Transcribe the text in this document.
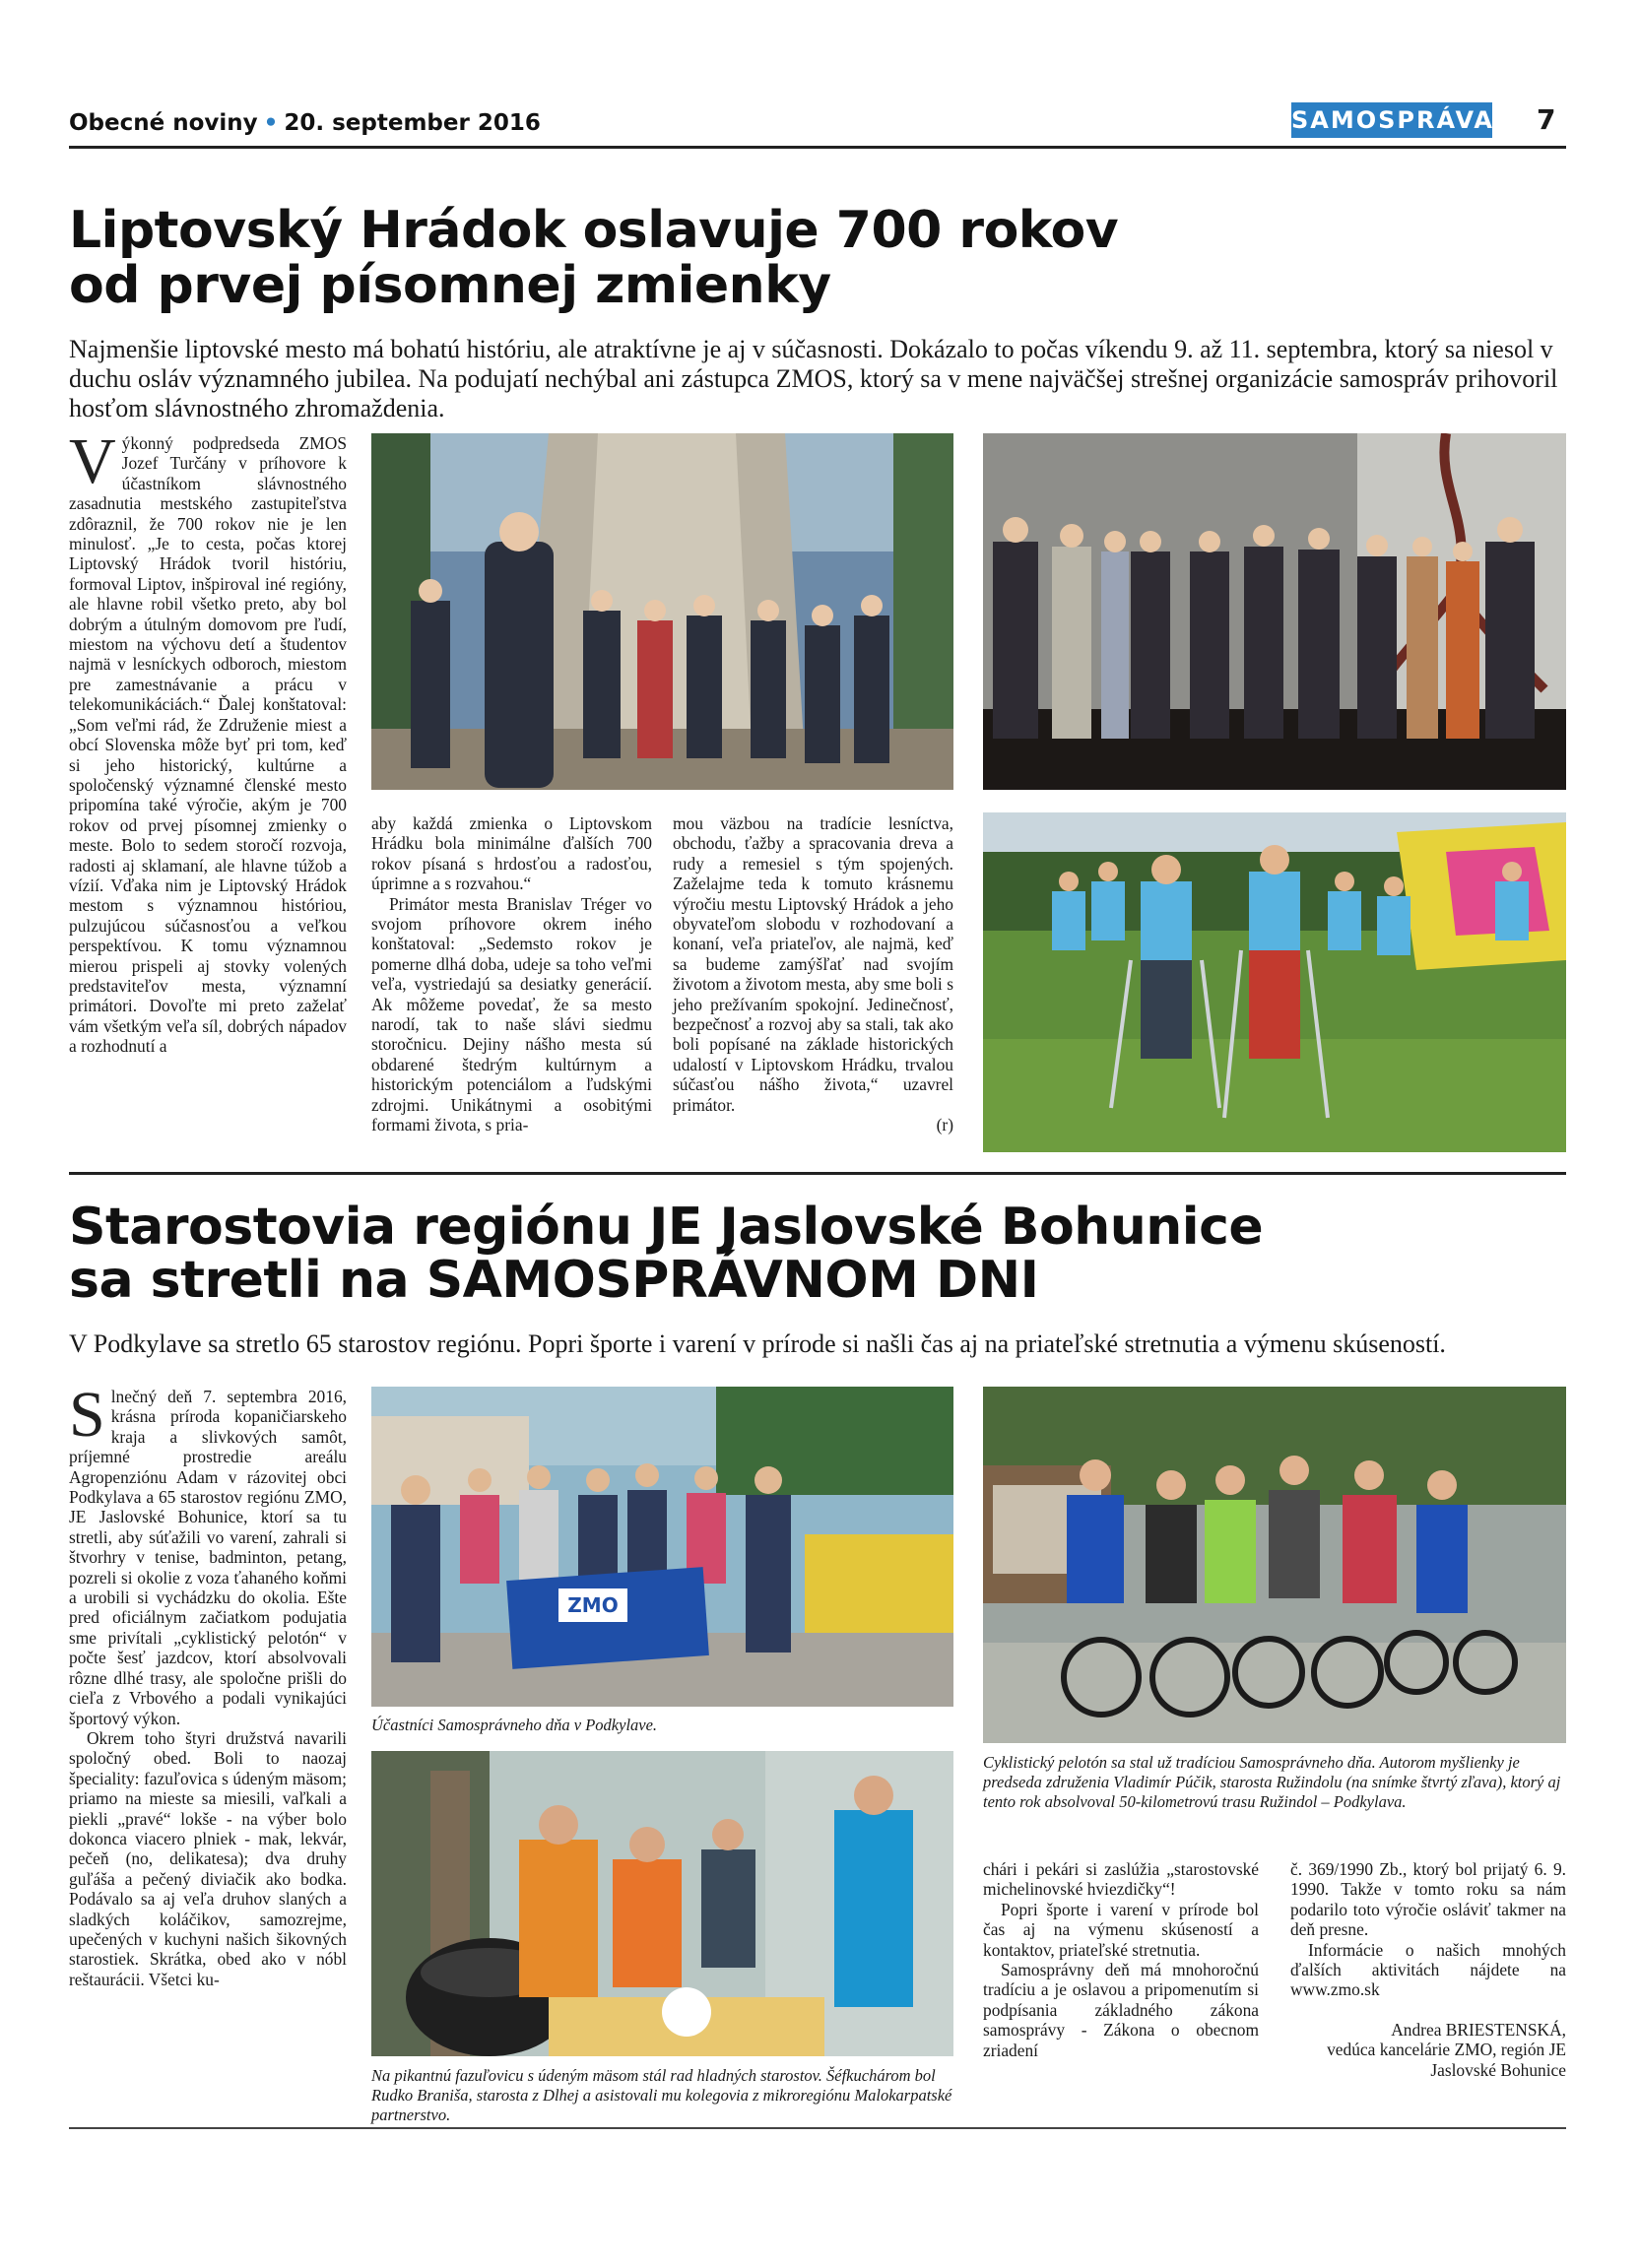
Obecné noviny • 20. september 2016	SAMOSPRÁVA 7
Liptovský Hrádok oslavuje 700 rokov
od prvej písomnej zmienky
Najmenšie liptovské mesto má bohatú históriu, ale atraktívne je aj v súčasnosti. Dokázalo to počas víkendu 9. až 11. septembra, ktorý sa niesol v duchu osláv významného jubilea. Na podujatí nechýbal ani zástupca ZMOS, ktorý sa v mene najväčšej strešnej organizácie samospráv prihovoril hosťom slávnostného zhromaždenia.

Výkonný podpredseda ZMOS Jozef Turčány v príhovore k účastníkom slávnostného zasadnutia mestského zastupiteľstva zdôraznil, že 700 rokov nie je len minulosť. „Je to cesta, počas ktorej Liptovský Hrádok tvoril históriu, formoval Liptov, inšpiroval iné regióny, ale hlavne robil všetko preto, aby bol dobrým a útulným domovom pre ľudí, miestom na výchovu detí a študentov najmä v lesníckych odboroch, miestom pre zamestnávanie a prácu v telekomunikáciách.“ Ďalej konštatoval: „Som veľmi rád, že Združenie miest a obcí Slovenska môže byť pri tom, keď si jeho historický, kultúrne a spoločenský významné členské mesto pripomína také výročie, akým je 700 rokov od prvej písomnej zmienky o meste. Bolo to sedem storočí rozvoja, radosti aj sklamaní, ale hlavne túžob a vízií. Vďaka nim je Liptovský Hrádok mestom s významnou históriou, pulzujúcou súčasnosťou a veľkou perspektívou. K tomu významnou mierou prispeli aj stovky volených predstaviteľov mesta, významní primátori. Dovoľte mi preto zaželať vám všetkým veľa síl, dobrých nápadov a rozhodnutí a

aby každá zmienka o Liptovskom Hrádku bola minimálne ďalších 700 rokov písaná s hrdosťou a radosťou, úprimne a s rozvahou.“

Primátor mesta Branislav Tréger vo svojom príhovore okrem iného konštatoval: „Sedemsto rokov je pomerne dlhá doba, udeje sa toho veľmi veľa, vystriedajú sa desiatky generácií. Ak môžeme povedať, že sa mesto narodí, tak to naše slávi siedmu storočnicu. Dejiny nášho mesta sú obdarené štedrým kultúrnym a historickým potenciálom a ľudskými zdrojmi. Unikátnymi a osobitými formami života, s pria-

mou väzbou na tradície lesníctva, obchodu, ťažby a spracovania dreva a rudy a remesiel s tým spojených. Zaželajme teda k tomuto krásnemu výročiu mestu Liptovský Hrádok a jeho obyvateľom slobodu v rozhodovaní a konaní, veľa priateľov, ale najmä, keď sa budeme zamýšľať nad svojím životom a životom mesta, aby sme boli s jeho prežívaním spokojní. Jedinečnosť, bezpečnosť a rozvoj aby sa stali, tak ako boli popísané na základe historických udalostí v Liptovskom Hrádku, trvalou súčasťou nášho života,“ uzavrel primátor.

(r)

Starostovia regiónu JE Jaslovské Bohunice
sa stretli na SAMOSPRÁVNOM DNI
V Podkylave sa stretlo 65 starostov regiónu. Popri športe i varení v prírode si našli čas aj na priateľské stretnutia a výmenu skúseností.

Slnečný deň 7. septembra 2016, krásna príroda kopaničiarskeho kraja a slivkových samôt, príjemné prostredie areálu Agropenziónu Adam v rázovitej obci Podkylava a 65 starostov regiónu ZMO, JE Jaslovské Bohunice, ktorí sa tu stretli, aby súťažili vo varení, zahrali si štvorhry v tenise, badminton, petang, pozreli si okolie z voza ťahaného koňmi a urobili si vychádzku do okolia. Ešte pred oficiálnym začiatkom podujatia sme privítali „cyklistický pelotón“ v počte šesť jazdcov, ktorí absolvovali rôzne dlhé trasy, ale spoločne prišli do cieľa z Vrbového a podali vynikajúci športový výkon.

Okrem toho štyri družstvá navarili spoločný obed. Boli to naozaj špeciality: fazuľovica s údeným mäsom; priamo na mieste sa miesili, vaľkali a piekli „pravé“ lokše - na výber bolo dokonca viacero plniek - mak, lekvár, pečeň (no, delikatesa); dva druhy guľáša a pečený diviačik ako bodka. Podávalo sa aj veľa druhov slaných a sladkých koláčikov, samozrejme, upečených v kuchyni našich šikovných starostiek. Skrátka, obed ako v nóbl reštaurácii. Všetci ku-

ZMO
Účastníci Samosprávneho dňa v Podkylave.
Na pikantnú fazuľovicu s údeným mäsom stál rad hladných starostov. Šéfkuchárom bol Rudko Braniša, starosta z Dlhej a asistovali mu kolegovia z mikroregiónu Malokarpatské partnerstvo.
Cyklistický pelotón sa stal už tradíciou Samosprávneho dňa. Autorom myšlienky je predseda združenia Vladimír Púčik, starosta Ružindolu (na snímke štvrtý zľava), ktorý aj tento rok absolvoval 50-kilometrovú trasu Ružindol – Podkylava.

chári i pekári si zaslúžia „starostovské michelinovské hviezdičky“!

Popri športe i varení v prírode bol čas aj na výmenu skúseností a kontaktov, priateľské stretnutia.

Samosprávny deň má mnohoročnú tradíciu a je oslavou a pripomenutím si podpísania základného zákona samosprávy - Zákona o obecnom zriadení

č. 369/1990 Zb., ktorý bol prijatý 6. 9. 1990. Takže v tomto roku sa nám podarilo toto výročie osláviť takmer na deň presne.

Informácie o našich mnohých ďalších aktivitách nájdete na www.zmo.sk

Andrea BRIESTENSKÁ,

vedúca kancelárie ZMO, región JE Jaslovské Bohunice
